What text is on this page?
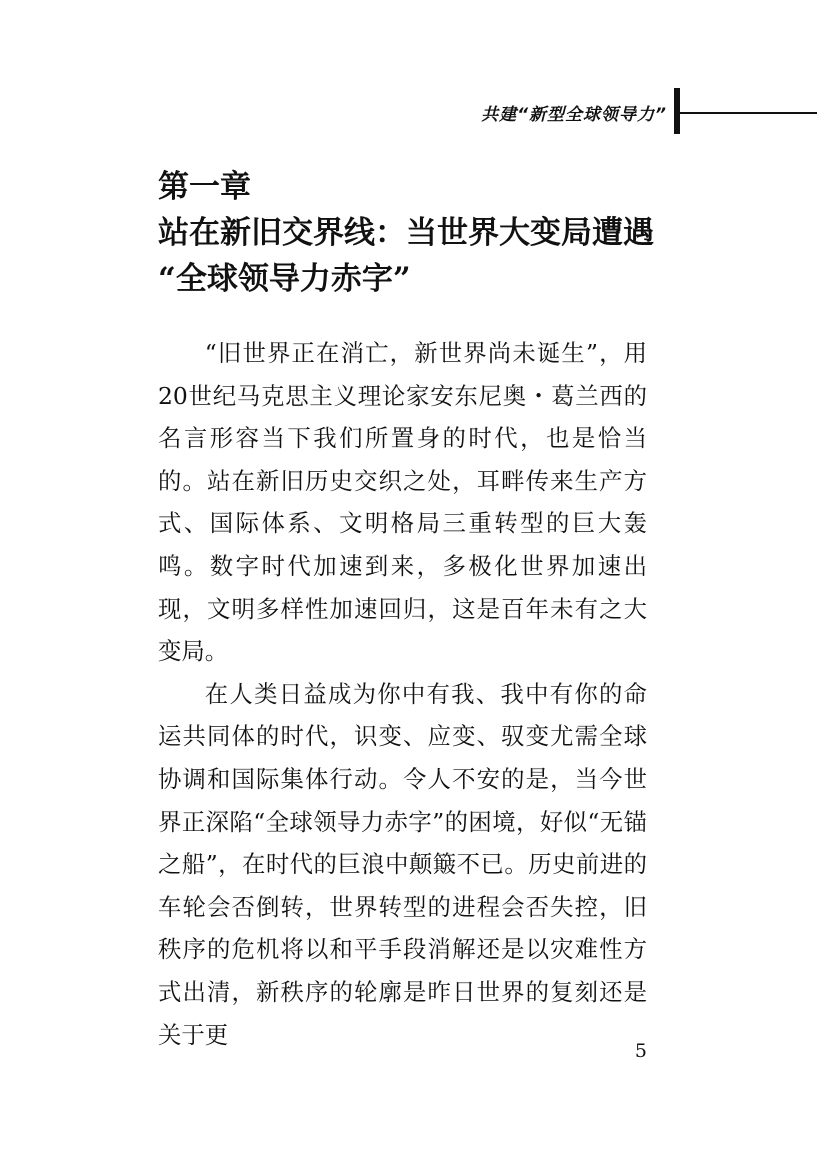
共建“新型全球领导力”
第一章
站在新旧交界线：当世界大变局遭遇
“全球领导力赤字”

“旧世界正在消亡，新世界尚未诞生”，用20世纪马克思主义理论家安东尼奥・葛兰西的名言形容当下我们所置身的时代，也是恰当的。站在新旧历史交织之处，耳畔传来生产方式、国际体系、文明格局三重转型的巨大轰鸣。数字时代加速到来，多极化世界加速出现，文明多样性加速回归，这是百年未有之大变局。

在人类日益成为你中有我、我中有你的命运共同体的时代，识变、应变、驭变尤需全球协调和国际集体行动。令人不安的是，当今世界正深陷“全球领导力赤字”的困境，好似“无锚之船”，在时代的巨浪中颠簸不已。历史前进的车轮会否倒转，世界转型的进程会否失控，旧秩序的危机将以和平手段消解还是以灾难性方式出清，新秩序的轮廓是昨日世界的复刻还是关于更

5
